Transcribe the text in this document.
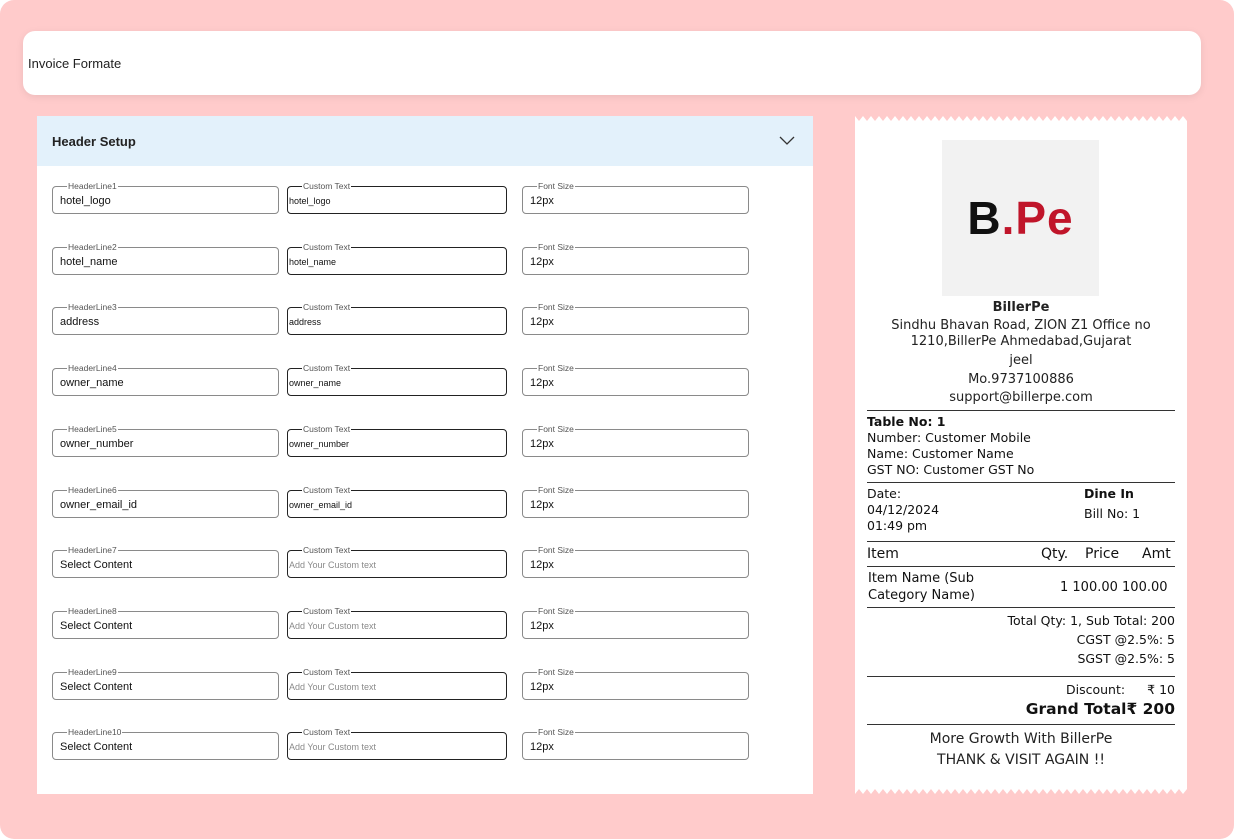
Invoice Formate
Header Setup
HeaderLine1
hotel_logo
Custom Text
hotel_logo
Font Size
12px
HeaderLine2
hotel_name
Custom Text
hotel_name
Font Size
12px
HeaderLine3
address
Custom Text
address
Font Size
12px
HeaderLine4
owner_name
Custom Text
owner_name
Font Size
12px
HeaderLine5
owner_number
Custom Text
owner_number
Font Size
12px
HeaderLine6
owner_email_id
Custom Text
owner_email_id
Font Size
12px
HeaderLine7
Select Content
Custom Text
Add Your Custom text
Font Size
12px
HeaderLine8
Select Content
Custom Text
Add Your Custom text
Font Size
12px
HeaderLine9
Select Content
Custom Text
Add Your Custom text
Font Size
12px
HeaderLine10
Select Content
Custom Text
Add Your Custom text
Font Size
12px
B.Pe
BillerPe
Sindhu Bhavan Road, ZION Z1 Office no
1210,BillerPe Ahmedabad,Gujarat
jeel
Mo.9737100886
support@billerpe.com
Table No: 1
Number: Customer Mobile
Name: Customer Name
GST NO: Customer GST No
Date:
04/12/2024
01:49 pm
Dine In
Bill No: 1
Item	Qty. Price Amt
Item Name (Sub
Category Name)
1 100.00 100.00
Total Qty: 1, Sub Total: 200
CGST @2.5%: 5
SGST @2.5%: 5
Discount: ₹ 10
Grand Total₹ 200
More Growth With BillerPe
THANK & VISIT AGAIN !!
